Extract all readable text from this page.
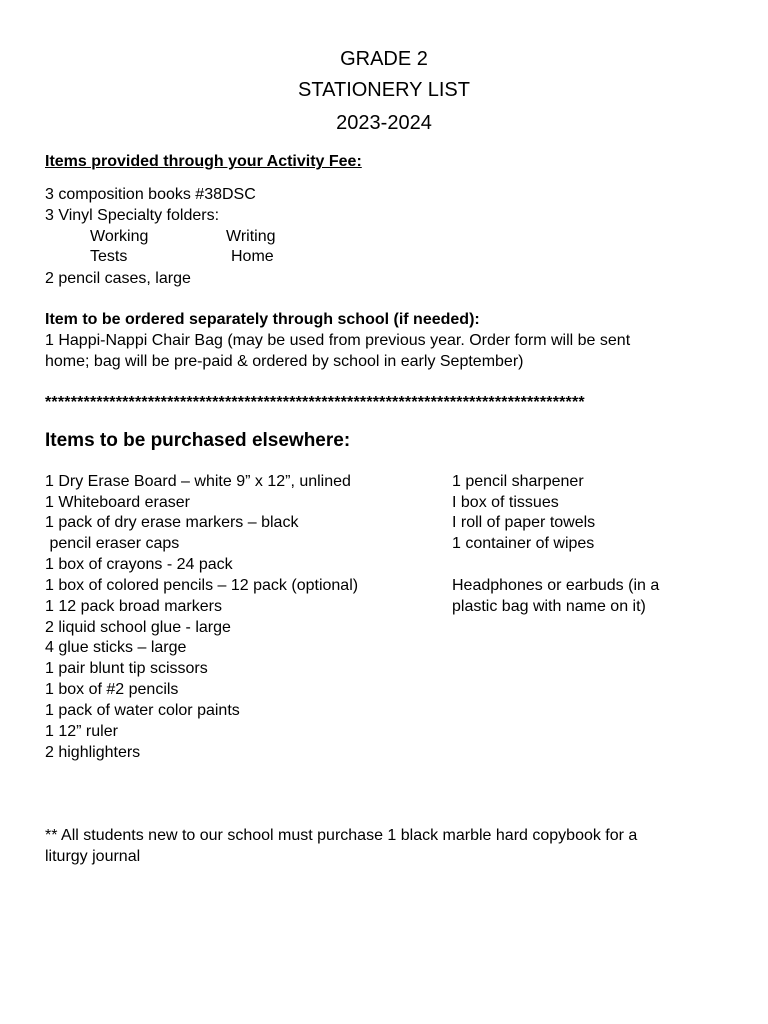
GRADE 2
STATIONERY LIST
2023-2024
Items provided through your Activity Fee:
3 composition books #38DSC
3 Vinyl Specialty folders:
Working	Writing
Tests	Home
2 pencil cases, large
Item to be ordered separately through school (if needed):
1 Happi-Nappi Chair Bag (may be used from previous year. Order form will be sent
home; bag will be pre-paid & ordered by school in early September)
************************************************************************************
Items to be purchased elsewhere:
1 Dry Erase Board – white 9” x 12”, unlined
1 Whiteboard eraser
1 pack of dry erase markers – black
pencil eraser caps
1 box of crayons - 24 pack
1 box of colored pencils – 12 pack (optional)
1 12 pack broad markers
2 liquid school glue - large
4 glue sticks – large
1 pair blunt tip scissors
1 box of #2 pencils
1 pack of water color paints
1 12” ruler
2 highlighters
1 pencil sharpener
I box of tissues
I roll of paper towels
1 container of wipes
Headphones or earbuds (in a
plastic bag with name on it)
** All students new to our school must purchase 1 black marble hard copybook for a
liturgy journal
